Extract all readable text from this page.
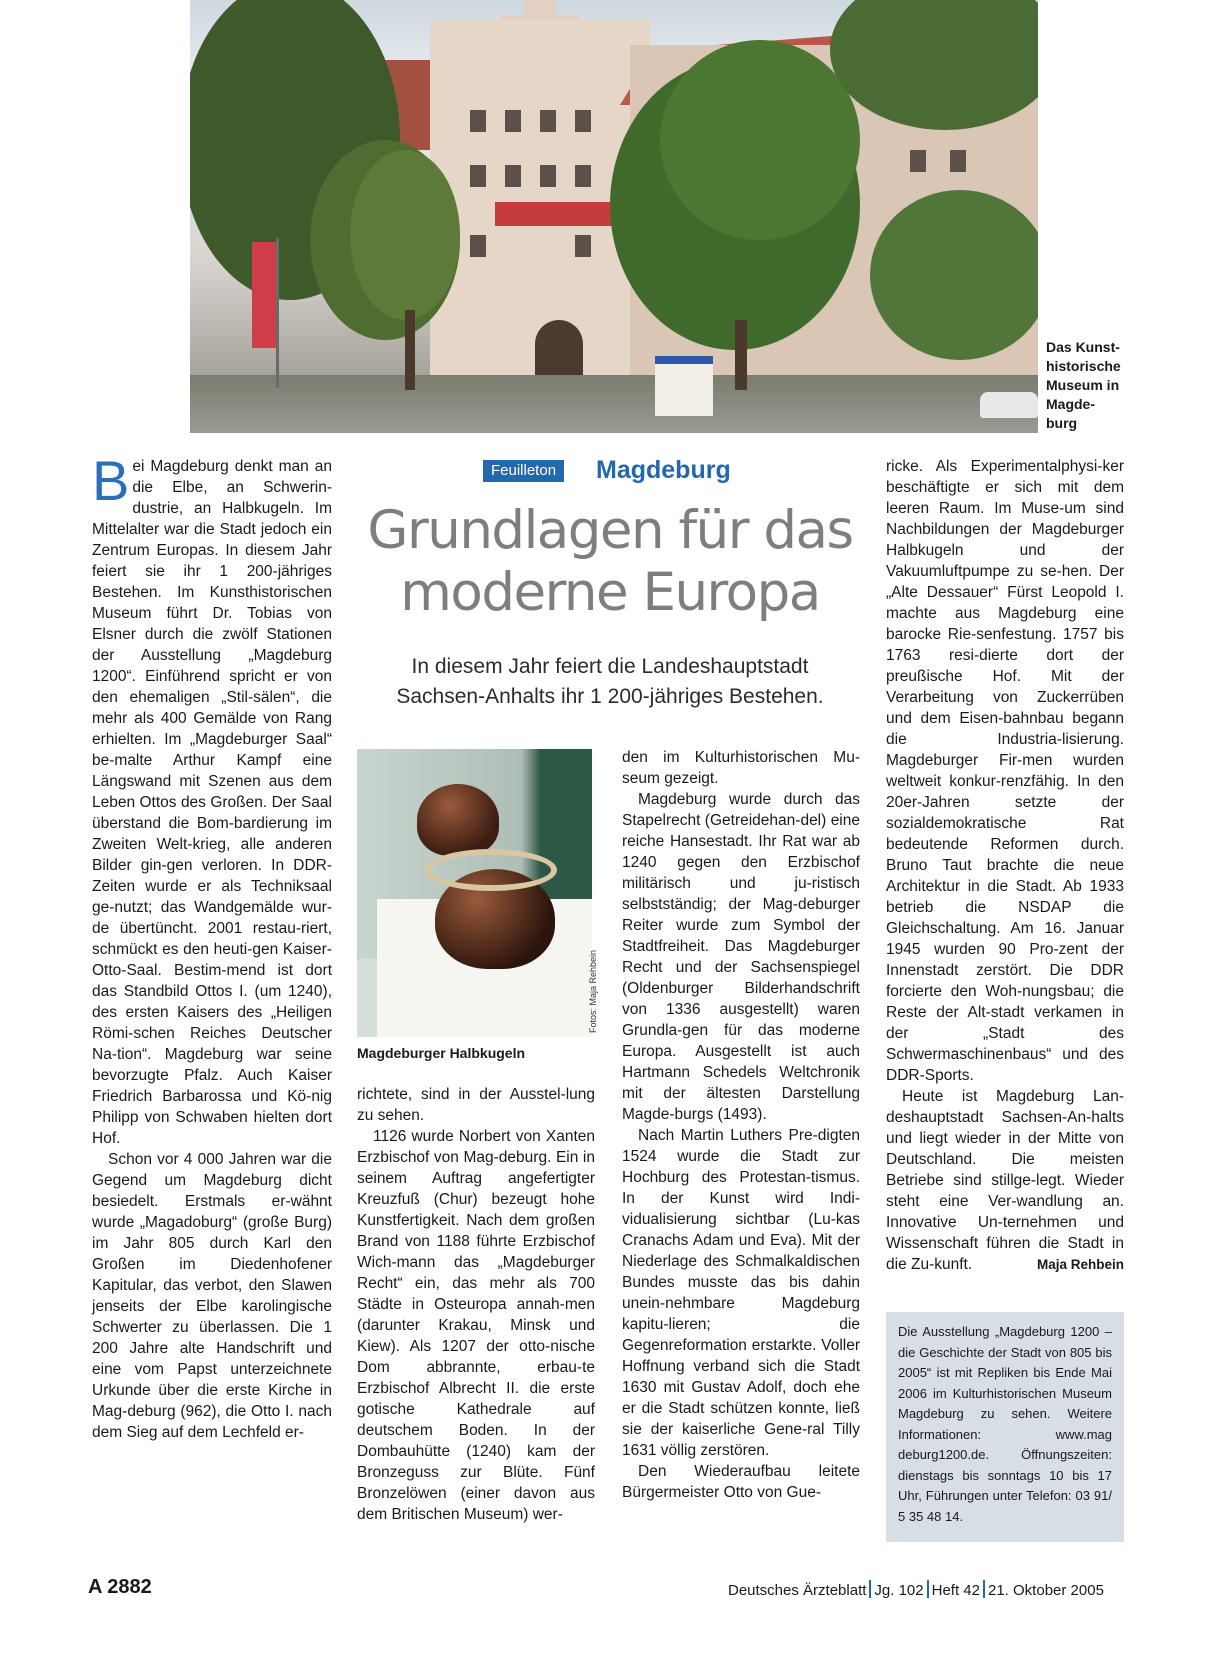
Das Kunst-historische Museum in Magde-burg

Bei Magdeburg denkt man an die Elbe, an Schwerin-dustrie, an Halbkugeln. Im Mittelalter war die Stadt jedoch ein Zentrum Europas. In diesem Jahr feiert sie ihr 1 200-jähriges Bestehen. Im Kunsthistorischen Museum führt Dr. Tobias von Elsner durch die zwölf Stationen der Ausstellung „Magdeburg 1200“. Einführend spricht er von den ehemaligen „Stil-sälen“, die mehr als 400 Gemälde von Rang erhielten. Im „Magdeburger Saal“ be-malte Arthur Kampf eine Längswand mit Szenen aus dem Leben Ottos des Großen. Der Saal überstand die Bom-bardierung im Zweiten Welt-krieg, alle anderen Bilder gin-gen verloren. In DDR-Zeiten wurde er als Techniksaal ge-nutzt; das Wandgemälde wur-de übertüncht. 2001 restau-riert, schmückt es den heuti-gen Kaiser-Otto-Saal. Bestim-mend ist dort das Standbild Ottos I. (um 1240), des ersten Kaisers des „Heiligen Römi-schen Reiches Deutscher Na-tion“. Magdeburg war seine bevorzugte Pfalz. Auch Kaiser Friedrich Barbarossa und Kö-nig Philipp von Schwaben hielten dort Hof.

Schon vor 4 000 Jahren war die Gegend um Magdeburg dicht besiedelt. Erstmals er-wähnt wurde „Magadoburg“ (große Burg) im Jahr 805 durch Karl den Großen im Diedenhofener Kapitular, das verbot, den Slawen jenseits der Elbe karolingische Schwerter zu überlassen. Die 1 200 Jahre alte Handschrift und eine vom Papst unterzeichnete Urkunde über die erste Kirche in Mag-deburg (962), die Otto I. nach dem Sieg auf dem Lechfeld er-

Feuilleton	Magdeburg
Grundlagen für das
moderne Europa

In diesem Jahr feiert die Landeshauptstadt
Sachsen-Anhalts ihr 1 200-jähriges Bestehen.

Fotos: Maja Rehbein

Magdeburger Halbkugeln

richtete, sind in der Ausstel-lung zu sehen.

1126 wurde Norbert von Xanten Erzbischof von Mag-deburg. Ein in seinem Auftrag angefertigter Kreuzfuß (Chur) bezeugt hohe Kunstfertigkeit. Nach dem großen Brand von 1188 führte Erzbischof Wich-mann das „Magdeburger Recht“ ein, das mehr als 700 Städte in Osteuropa annah-men (darunter Krakau, Minsk und Kiew). Als 1207 der otto-nische Dom abbrannte, erbau-te Erzbischof Albrecht II. die erste gotische Kathedrale auf deutschem Boden. In der Dombauhütte (1240) kam der Bronzeguss zur Blüte. Fünf Bronzelöwen (einer davon aus dem Britischen Museum) wer-

den im Kulturhistorischen Mu-seum gezeigt.

Magdeburg wurde durch das Stapelrecht (Getreidehan-del) eine reiche Hansestadt. Ihr Rat war ab 1240 gegen den Erzbischof militärisch und ju-ristisch selbstständig; der Mag-deburger Reiter wurde zum Symbol der Stadtfreiheit. Das Magdeburger Recht und der Sachsenspiegel (Oldenburger Bilderhandschrift von 1336 ausgestellt) waren Grundla-gen für das moderne Europa. Ausgestellt ist auch Hartmann Schedels Weltchronik mit der ältesten Darstellung Magde-burgs (1493).

Nach Martin Luthers Pre-digten 1524 wurde die Stadt zur Hochburg des Protestan-tismus. In der Kunst wird Indi-vidualisierung sichtbar (Lu-kas Cranachs Adam und Eva). Mit der Niederlage des Schmalkaldischen Bundes musste das bis dahin unein-nehmbare Magdeburg kapitu-lieren; die Gegenreformation erstarkte. Voller Hoffnung verband sich die Stadt 1630 mit Gustav Adolf, doch ehe er die Stadt schützen konnte, ließ sie der kaiserliche Gene-ral Tilly 1631 völlig zerstören.

Den Wiederaufbau leitete Bürgermeister Otto von Gue-

ricke. Als Experimentalphysi-ker beschäftigte er sich mit dem leeren Raum. Im Muse-um sind Nachbildungen der Magdeburger Halbkugeln und der Vakuumluftpumpe zu se-hen. Der „Alte Dessauer“ Fürst Leopold I. machte aus Magdeburg eine barocke Rie-senfestung. 1757 bis 1763 resi-dierte dort der preußische Hof. Mit der Verarbeitung von Zuckerrüben und dem Eisen-bahnbau begann die Industria-lisierung. Magdeburger Fir-men wurden weltweit konkur-renzfähig. In den 20er-Jahren setzte der sozialdemokratische Rat bedeutende Reformen durch. Bruno Taut brachte die neue Architektur in die Stadt. Ab 1933 betrieb die NSDAP die Gleichschaltung. Am 16. Januar 1945 wurden 90 Pro-zent der Innenstadt zerstört. Die DDR forcierte den Woh-nungsbau; die Reste der Alt-stadt verkamen in der „Stadt des Schwermaschinenbaus“ und des DDR-Sports.

Heute ist Magdeburg Lan-deshauptstadt Sachsen-An-halts und liegt wieder in der Mitte von Deutschland. Die meisten Betriebe sind stillge-legt. Wieder steht eine Ver-wandlung an. Innovative Un-ternehmen und Wissenschaft führen die Stadt in die Zu-kunft.	Maja Rehbein

Die Ausstellung „Magdeburg 1200 – die Geschichte der Stadt von 805 bis 2005“ ist mit Repliken bis Ende Mai 2006 im Kulturhistorischen Museum Magdeburg zu sehen. Weitere Informationen: www.mag deburg1200.de. Öffnungszeiten: dienstags bis sonntags 10 bis 17 Uhr, Führungen unter Telefon: 03 91/ 5 35 48 14.

A 2882	Deutsches Ärzteblatt Jg. 102 Heft 42 21. Oktober 2005
